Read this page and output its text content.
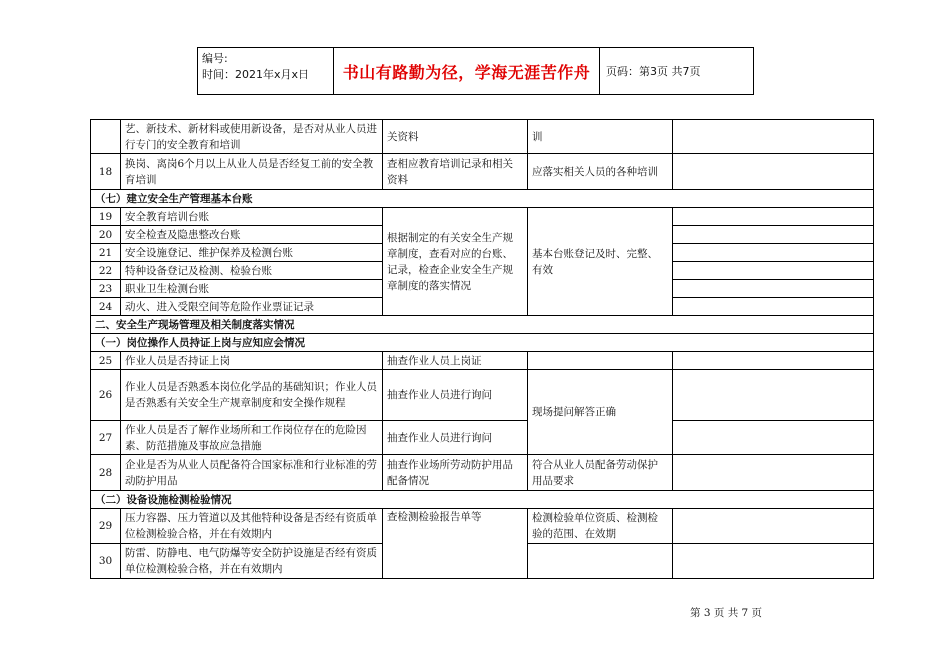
编号:
时间：2021年x月x日	书山有路勤为径，学海无涯苦作舟	页码：第3页 共7页
	艺、新技术、新材料或使用新设备，是否对从业人员进行专门的安全教育和培训	关资料	训	
18	换岗、离岗6个月以上从业人员是否经复工前的安全教育培训	查相应教育培训记录和相关资料	应落实相关人员的各种培训	
（七）建立安全生产管理基本台账				
19	安全教育培训台账	根据制定的有关安全生产规章制度，查看对应的台账、记录，检查企业安全生产规章制度的落实情况	基本台账登记及时、完整、有效	
20	安全检查及隐患整改台账			
21	安全设施登记、维护保养及检测台账			
22	特种设备登记及检测、检验台账			
23	职业卫生检测台账			
24	动火、进入受限空间等危险作业票证记录			
二、安全生产现场管理及相关制度落实情况				
（一）岗位操作人员持证上岗与应知应会情况				
25	作业人员是否持证上岗	抽查作业人员上岗证		
26	作业人员是否熟悉本岗位化学品的基础知识；作业人员是否熟悉有关安全生产规章制度和安全操作规程	抽查作业人员进行询问	现场提问解答正确	
27	作业人员是否了解作业场所和工作岗位存在的危险因素、防范措施及事故应急措施	抽查作业人员进行询问		
28	企业是否为从业人员配备符合国家标准和行业标准的劳动防护用品	抽查作业场所劳动防护用品配备情况	符合从业人员配备劳动保护用品要求	
（二）设备设施检测检验情况				
29	压力容器、压力管道以及其他特种设备是否经有资质单位检测检验合格，并在有效期内	查检测检验报告单等	检测检验单位资质、检测检验的范围、在效期	
30	防雷、防静电、电气防爆等安全防护设施是否经有资质单位检测检验合格，并在有效期内			
第 3 页 共 7 页
